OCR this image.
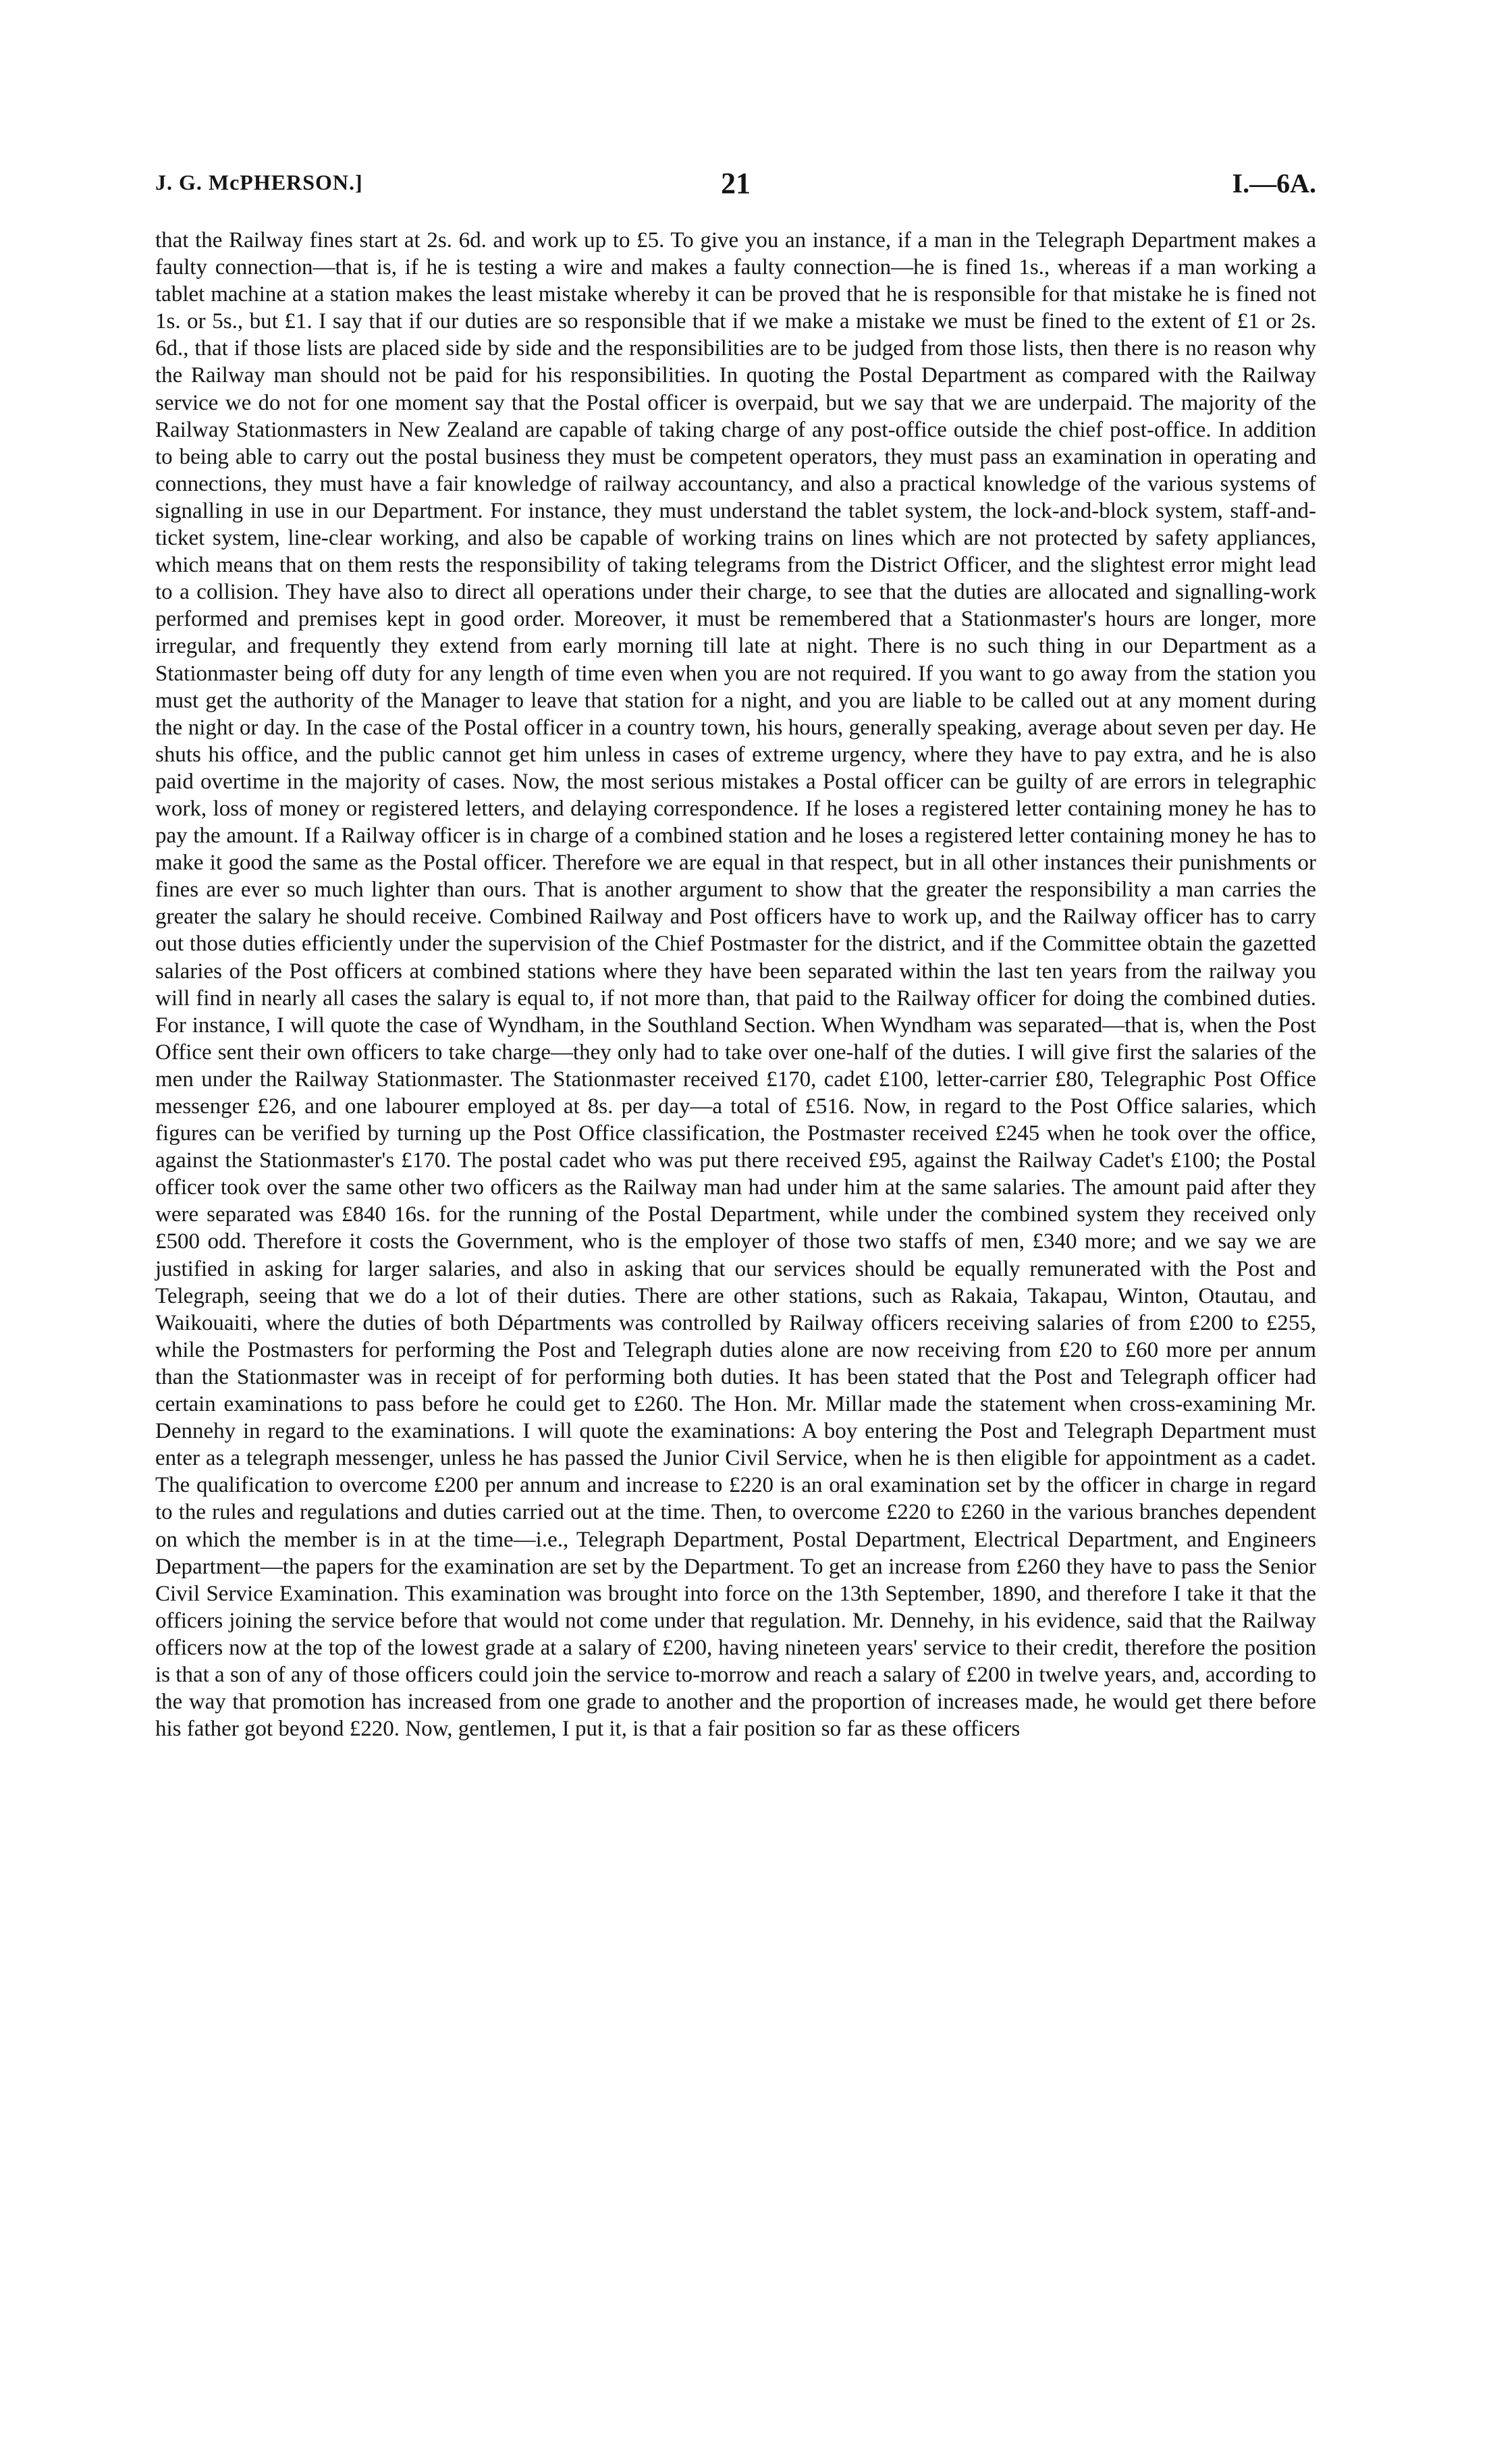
J. G. McPHERSON.]	21	I.—6A.

that the Railway fines start at 2s. 6d. and work up to £5. To give you an instance, if a man in the Telegraph Department makes a faulty connection—that is, if he is testing a wire and makes a faulty connection—he is fined 1s., whereas if a man working a tablet machine at a station makes the least mistake whereby it can be proved that he is responsible for that mistake he is fined not 1s. or 5s., but £1. I say that if our duties are so responsible that if we make a mistake we must be fined to the extent of £1 or 2s. 6d., that if those lists are placed side by side and the responsibilities are to be judged from those lists, then there is no reason why the Railway man should not be paid for his responsibilities. In quoting the Postal Department as compared with the Railway service we do not for one moment say that the Postal officer is overpaid, but we say that we are underpaid. The majority of the Railway Stationmasters in New Zealand are capable of taking charge of any post-office outside the chief post-office. In addition to being able to carry out the postal business they must be competent operators, they must pass an examination in operating and connections, they must have a fair knowledge of railway accountancy, and also a practical knowledge of the various systems of signalling in use in our Department. For instance, they must understand the tablet system, the lock-and-block system, staff-and-ticket system, line-clear working, and also be capable of working trains on lines which are not protected by safety appliances, which means that on them rests the responsibility of taking telegrams from the District Officer, and the slightest error might lead to a collision. They have also to direct all operations under their charge, to see that the duties are allocated and signalling-work performed and premises kept in good order. Moreover, it must be remembered that a Stationmaster's hours are longer, more irregular, and frequently they extend from early morning till late at night. There is no such thing in our Department as a Stationmaster being off duty for any length of time even when you are not required. If you want to go away from the station you must get the authority of the Manager to leave that station for a night, and you are liable to be called out at any moment during the night or day. In the case of the Postal officer in a country town, his hours, generally speaking, average about seven per day. He shuts his office, and the public cannot get him unless in cases of extreme urgency, where they have to pay extra, and he is also paid overtime in the majority of cases. Now, the most serious mistakes a Postal officer can be guilty of are errors in telegraphic work, loss of money or registered letters, and delaying correspondence. If he loses a registered letter containing money he has to pay the amount. If a Railway officer is in charge of a combined station and he loses a registered letter containing money he has to make it good the same as the Postal officer. Therefore we are equal in that respect, but in all other instances their punishments or fines are ever so much lighter than ours. That is another argument to show that the greater the responsibility a man carries the greater the salary he should receive. Combined Railway and Post officers have to work up, and the Railway officer has to carry out those duties efficiently under the supervision of the Chief Postmaster for the district, and if the Committee obtain the gazetted salaries of the Post officers at combined stations where they have been separated within the last ten years from the railway you will find in nearly all cases the salary is equal to, if not more than, that paid to the Railway officer for doing the combined duties. For instance, I will quote the case of Wyndham, in the Southland Section. When Wyndham was separated—that is, when the Post Office sent their own officers to take charge—they only had to take over one-half of the duties. I will give first the salaries of the men under the Railway Stationmaster. The Stationmaster received £170, cadet £100, letter-carrier £80, Telegraphic Post Office messenger £26, and one labourer employed at 8s. per day—a total of £516. Now, in regard to the Post Office salaries, which figures can be verified by turning up the Post Office classification, the Postmaster received £245 when he took over the office, against the Stationmaster's £170. The postal cadet who was put there received £95, against the Railway Cadet's £100; the Postal officer took over the same other two officers as the Railway man had under him at the same salaries. The amount paid after they were separated was £840 16s. for the running of the Postal Department, while under the combined system they received only £500 odd. Therefore it costs the Government, who is the employer of those two staffs of men, £340 more; and we say we are justified in asking for larger salaries, and also in asking that our services should be equally remunerated with the Post and Telegraph, seeing that we do a lot of their duties. There are other stations, such as Rakaia, Takapau, Winton, Otautau, and Waikouaiti, where the duties of both Départments was controlled by Railway officers receiving salaries of from £200 to £255, while the Postmasters for performing the Post and Telegraph duties alone are now receiving from £20 to £60 more per annum than the Stationmaster was in receipt of for performing both duties. It has been stated that the Post and Telegraph officer had certain examinations to pass before he could get to £260. The Hon. Mr. Millar made the statement when cross-examining Mr. Dennehy in regard to the examinations. I will quote the examinations: A boy entering the Post and Telegraph Department must enter as a telegraph messenger, unless he has passed the Junior Civil Service, when he is then eligible for appointment as a cadet. The qualification to overcome £200 per annum and increase to £220 is an oral examination set by the officer in charge in regard to the rules and regulations and duties carried out at the time. Then, to overcome £220 to £260 in the various branches dependent on which the member is in at the time—i.e., Telegraph Department, Postal Department, Electrical Department, and Engineers Department—the papers for the examination are set by the Department. To get an increase from £260 they have to pass the Senior Civil Service Examination. This examination was brought into force on the 13th September, 1890, and therefore I take it that the officers joining the service before that would not come under that regulation. Mr. Dennehy, in his evidence, said that the Railway officers now at the top of the lowest grade at a salary of £200, having nineteen years' service to their credit, therefore the position is that a son of any of those officers could join the service to-morrow and reach a salary of £200 in twelve years, and, according to the way that promotion has increased from one grade to another and the proportion of increases made, he would get there before his father got beyond £220. Now, gentlemen, I put it, is that a fair position so far as these officers
